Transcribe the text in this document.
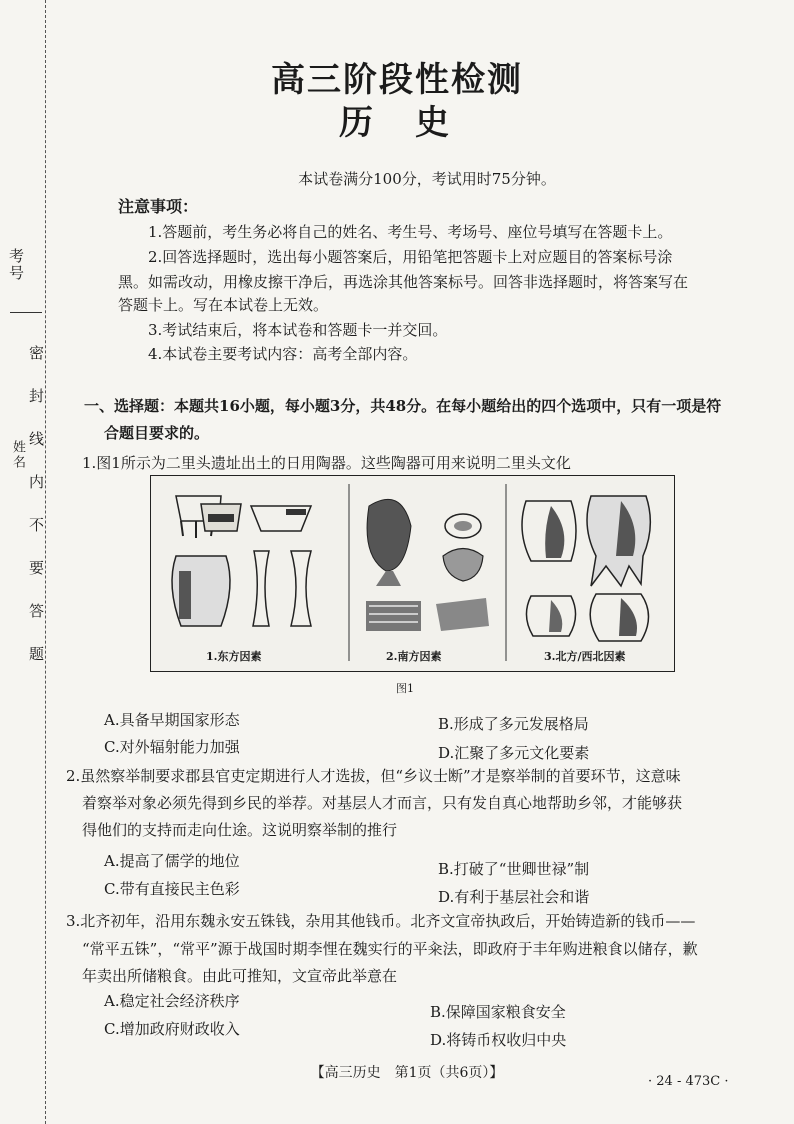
考号
姓名 密封线内不要答题
高三阶段性检测
历史
本试卷满分100分，考试用时75分钟。
注意事项：
1.答题前，考生务必将自己的姓名、考生号、考场号、座位号填写在答题卡上。
2.回答选择题时，选出每小题答案后，用铅笔把答题卡上对应题目的答案标号涂
黑。如需改动，用橡皮擦干净后，再选涂其他答案标号。回答非选择题时，将答案写在
答题卡上。写在本试卷上无效。
3.考试结束后，将本试卷和答题卡一并交回。
4.本试卷主要考试内容：高考全部内容。
一、选择题：本题共16小题，每小题3分，共48分。在每小题给出的四个选项中，只有一项是符
合题目要求的。
1.图1所示为二里头遗址出土的日用陶器。这些陶器可用来说明二里头文化
1.东方因素	2.南方因素	3.北方/西北因素
图1
A.具备早期国家形态	B.形成了多元发展格局
C.对外辐射能力加强	D.汇聚了多元文化要素
2.虽然察举制要求郡县官吏定期进行人才选拔，但“乡议士断”才是察举制的首要环节，这意味
着察举对象必须先得到乡民的举荐。对基层人才而言，只有发自真心地帮助乡邻，才能够获
得他们的支持而走向仕途。这说明察举制的推行
A.提高了儒学的地位	B.打破了“世卿世禄”制
C.带有直接民主色彩	D.有利于基层社会和谐
3.北齐初年，沿用东魏永安五铢钱，杂用其他钱币。北齐文宣帝执政后，开始铸造新的钱币——
“常平五铢”，“常平”源于战国时期李悝在魏实行的平籴法，即政府于丰年购进粮食以储存，歉
年卖出所储粮食。由此可推知，文宣帝此举意在
A.稳定社会经济秩序
B.保障国家粮食安全
C.增加政府财政收入
D.将铸币权收归中央
【高三历史　第1页（共6页）】
· 24 - 473C ·
